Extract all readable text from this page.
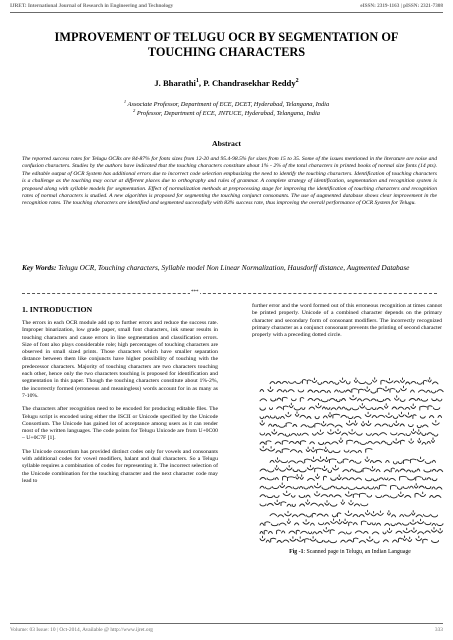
IJRET: International Journal of Research in Engineering and Technology	eISSN: 2319-1163 | pISSN: 2321-7308
IMPROVEMENT OF TELUGU OCR BY SEGMENTATION OF TOUCHING CHARACTERS
J. Bharathi$^1$, P. Chandrasekhar Reddy$^2$
$^1$ Associate Professor, Department of ECE, DCET, Hyderabad, Telangana, India
$^2$ Professor, Department of ECE, JNTUCE, Hyderabad, Telangana, India
Abstract

The reported success rates for Telugu OCRs are 84-87% for fonts sizes from 12-20 and 95.4-98.5% for sizes from 15 to 35. Some of the issues mentioned in the literature are noise and confusion characters. Studies by the authors have indicated that the touching characters constitute about 1% - 2% of the total characters in printed books of normal size fonts (14 pts). The editable output of OCR System has additional errors due to incorrect code selection emphasizing the need to identify the touching characters. Identification of touching characters is a challenge as the touching may occur at different places due to orthography and rules of grammar. A complete strategy of identification, segmentation and recognition system is proposed along with syllable models for segmentation. Effect of normalization methods at preprocessing stage for improving the identification of touching characters and recognition rates of normal characters is studied. A new algorithm is proposed for segmenting the touching conjunct consonants. The use of augmented database shows clear improvement in the recognition rates. The touching characters are identified and segmented successfully with 83% success rate, thus improving the overall performance of OCR System for Telugu.

Key Words: Telugu OCR, Touching characters, Syllable model Non Linear Normalization, Hausdorff distance, Augmented Database

***
1. INTRODUCTION

The errors in each OCR module add up to further errors and reduce the success rate. Improper binarization, low grade paper, small font characters, ink smear results in touching characters and cause errors in line segmentation and classification errors. Size of font also plays considerable role; high percentages of touching characters are observed in small sized prints. Those characters which have smaller separation distance between them like conjuncts have higher possibility of touching with the predecessor characters. Majority of touching characters are two characters touching each other, hence only the two characters touching is proposed for identification and segmentation in this paper. Though the touching characters constitute about 1%-2%, the incorrectly formed (erroneous and meaningless) words account for in as many as 7-10%.

The characters after recognition need to be encoded for producing editable files. The Telugu script is encoded using either the ISCII or Unicode specified by the Unicode Consortium. The Unicode has gained lot of acceptance among users as it can render most of the written languages. The code points for Telugu Unicode are from U+0C00 – U+0C7F [1].

The Unicode consortium has provided distinct codes only for vowels and consonants with additional codes for vowel modifiers, halant and dual characters. So a Telugu syllable requires a combination of codes for representing it. The incorrect selection of the Unicode combination for the touching character and the next character code may lead to

further error and the word formed out of this erroneous recognition at times cannot be printed properly. Unicode of a combined character depends on the primary character and secondary form of consonant modifiers. The incorrectly recognized primary character as a conjunct consonant prevents the printing of second character properly with a preceding dotted circle.

Fig -1: Scanned page in Telugu, an Indian Language
Volume: 03 Issue: 10 | Oct-2014, Available @ http://www.ijret.org	333
